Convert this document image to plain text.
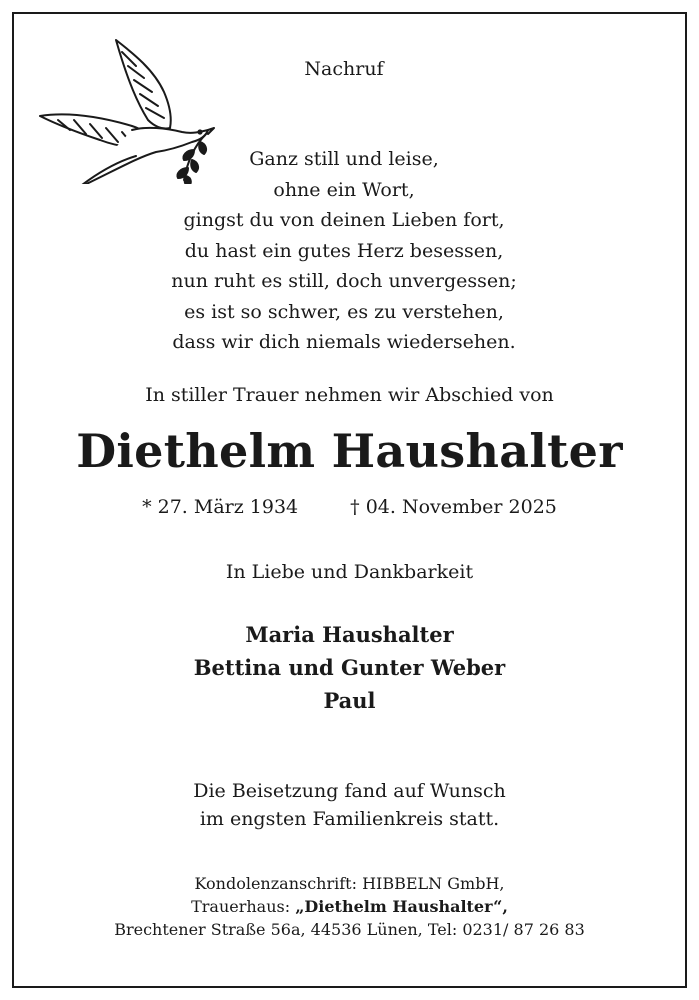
Nachruf
Ganz still und leise,
ohne ein Wort,
gingst du von deinen Lieben fort,
du hast ein gutes Herz besessen,
nun ruht es still, doch unvergessen;
es ist so schwer, es zu verstehen,
dass wir dich niemals wiedersehen.
In stiller Trauer nehmen wir Abschied von
Diethelm Haushalter
* 27. März 1934	† 04. November 2025
In Liebe und Dankbarkeit
Maria Haushalter
Bettina und Gunter Weber
Paul
Die Beisetzung fand auf Wunsch
im engsten Familienkreis statt.
Kondolenzanschrift: HIBBELN GmbH,
Trauerhaus: „Diethelm Haushalter“,
Brechtener Straße 56a, 44536 Lünen, Tel: 0231/ 87 26 83
